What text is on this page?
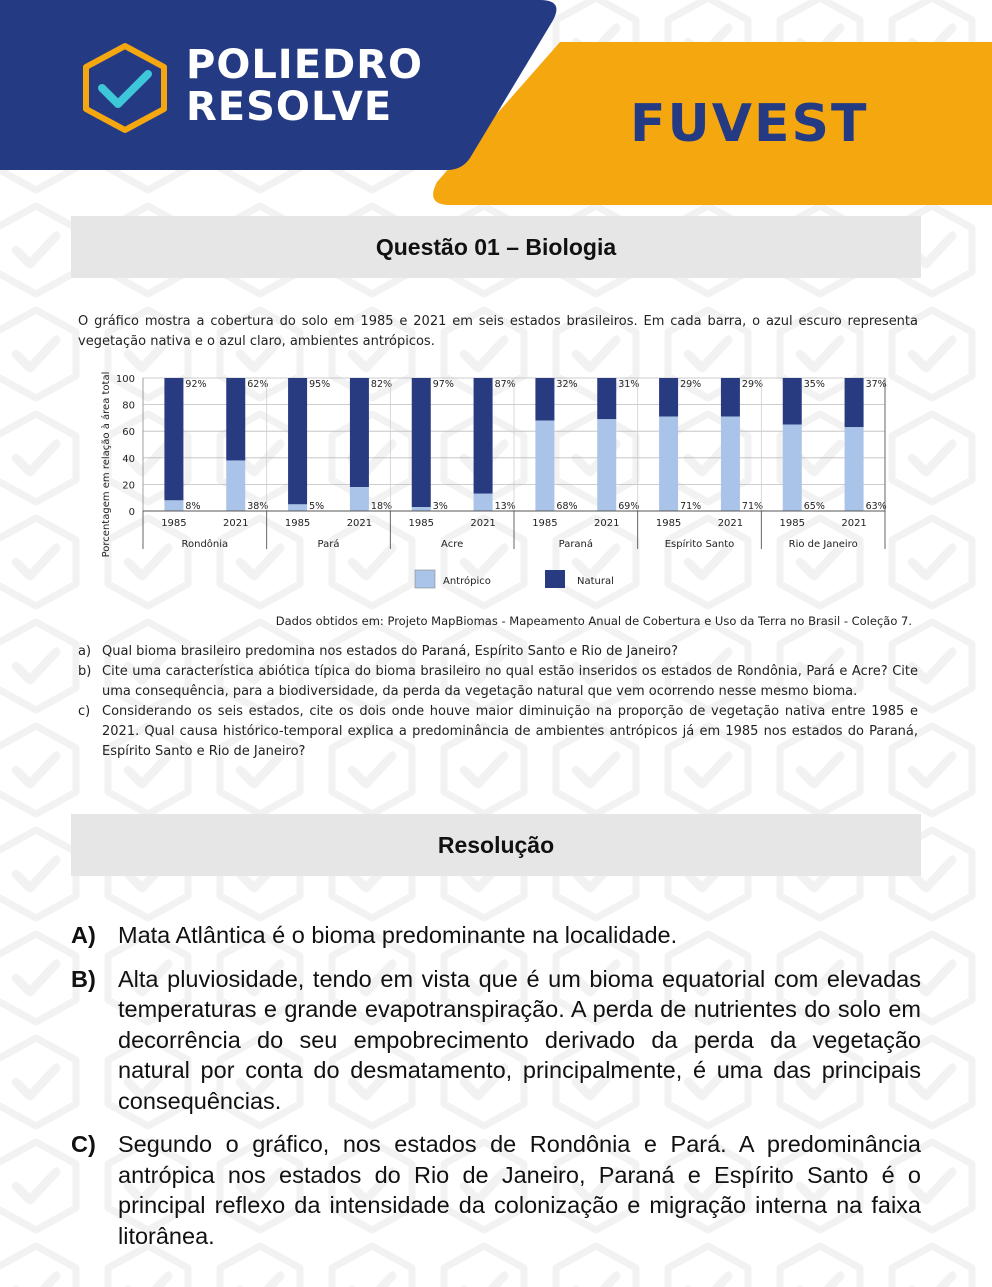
POLIEDRO
RESOLVE	FUVEST
Questão 01 – Biologia
O gráfico mostra a cobertura do solo em 1985 e 2021 em seis estados brasileiros. Em cada barra, o azul escuro representa vegetação nativa e o azul claro, ambientes antrópicos.
0
20
40
60
80
100
Porcentagem em relação à área total	92%
8%
1985
62%
38%
2021
Rondônia
95%
5%
1985
82%
18%
2021
Pará
97%
3%
1985
87%
13%
2021
Acre
32%
68%
1985
31%
69%
2021
Paraná
29%
71%
1985
29%
71%
2021
Espírito Santo
35%
65%
1985
37%
63%
2021
Rio de Janeiro
Antrópico	Natural
Dados obtidos em: Projeto MapBiomas - Mapeamento Anual de Cobertura e Uso da Terra no Brasil - Coleção 7.
a) Qual bioma brasileiro predomina nos estados do Paraná, Espírito Santo e Rio de Janeiro?
b) Cite uma característica abiótica típica do bioma brasileiro no qual estão inseridos os estados de Rondônia, Pará e Acre? Cite uma consequência, para a biodiversidade, da perda da vegetação natural que vem ocorrendo nesse mesmo bioma.
c) Considerando os seis estados, cite os dois onde houve maior diminuição na proporção de vegetação nativa entre 1985 e 2021. Qual causa histórico-temporal explica a predominância de ambientes antrópicos já em 1985 nos estados do Paraná, Espírito Santo e Rio de Janeiro?
Resolução
A) Mata Atlântica é o bioma predominante na localidade.
B) Alta pluviosidade, tendo em vista que é um bioma equatorial com elevadas temperaturas e grande evapotranspiração. A perda de nutrientes do solo em decorrência do seu empobrecimento derivado da perda da vegetação natural por conta do desmatamento, principalmente, é uma das principais consequências.
C) Segundo o gráfico, nos estados de Rondônia e Pará. A predominância antrópica nos estados do Rio de Janeiro, Paraná e Espírito Santo é o principal reflexo da intensidade da colonização e migração interna na faixa litorânea.
